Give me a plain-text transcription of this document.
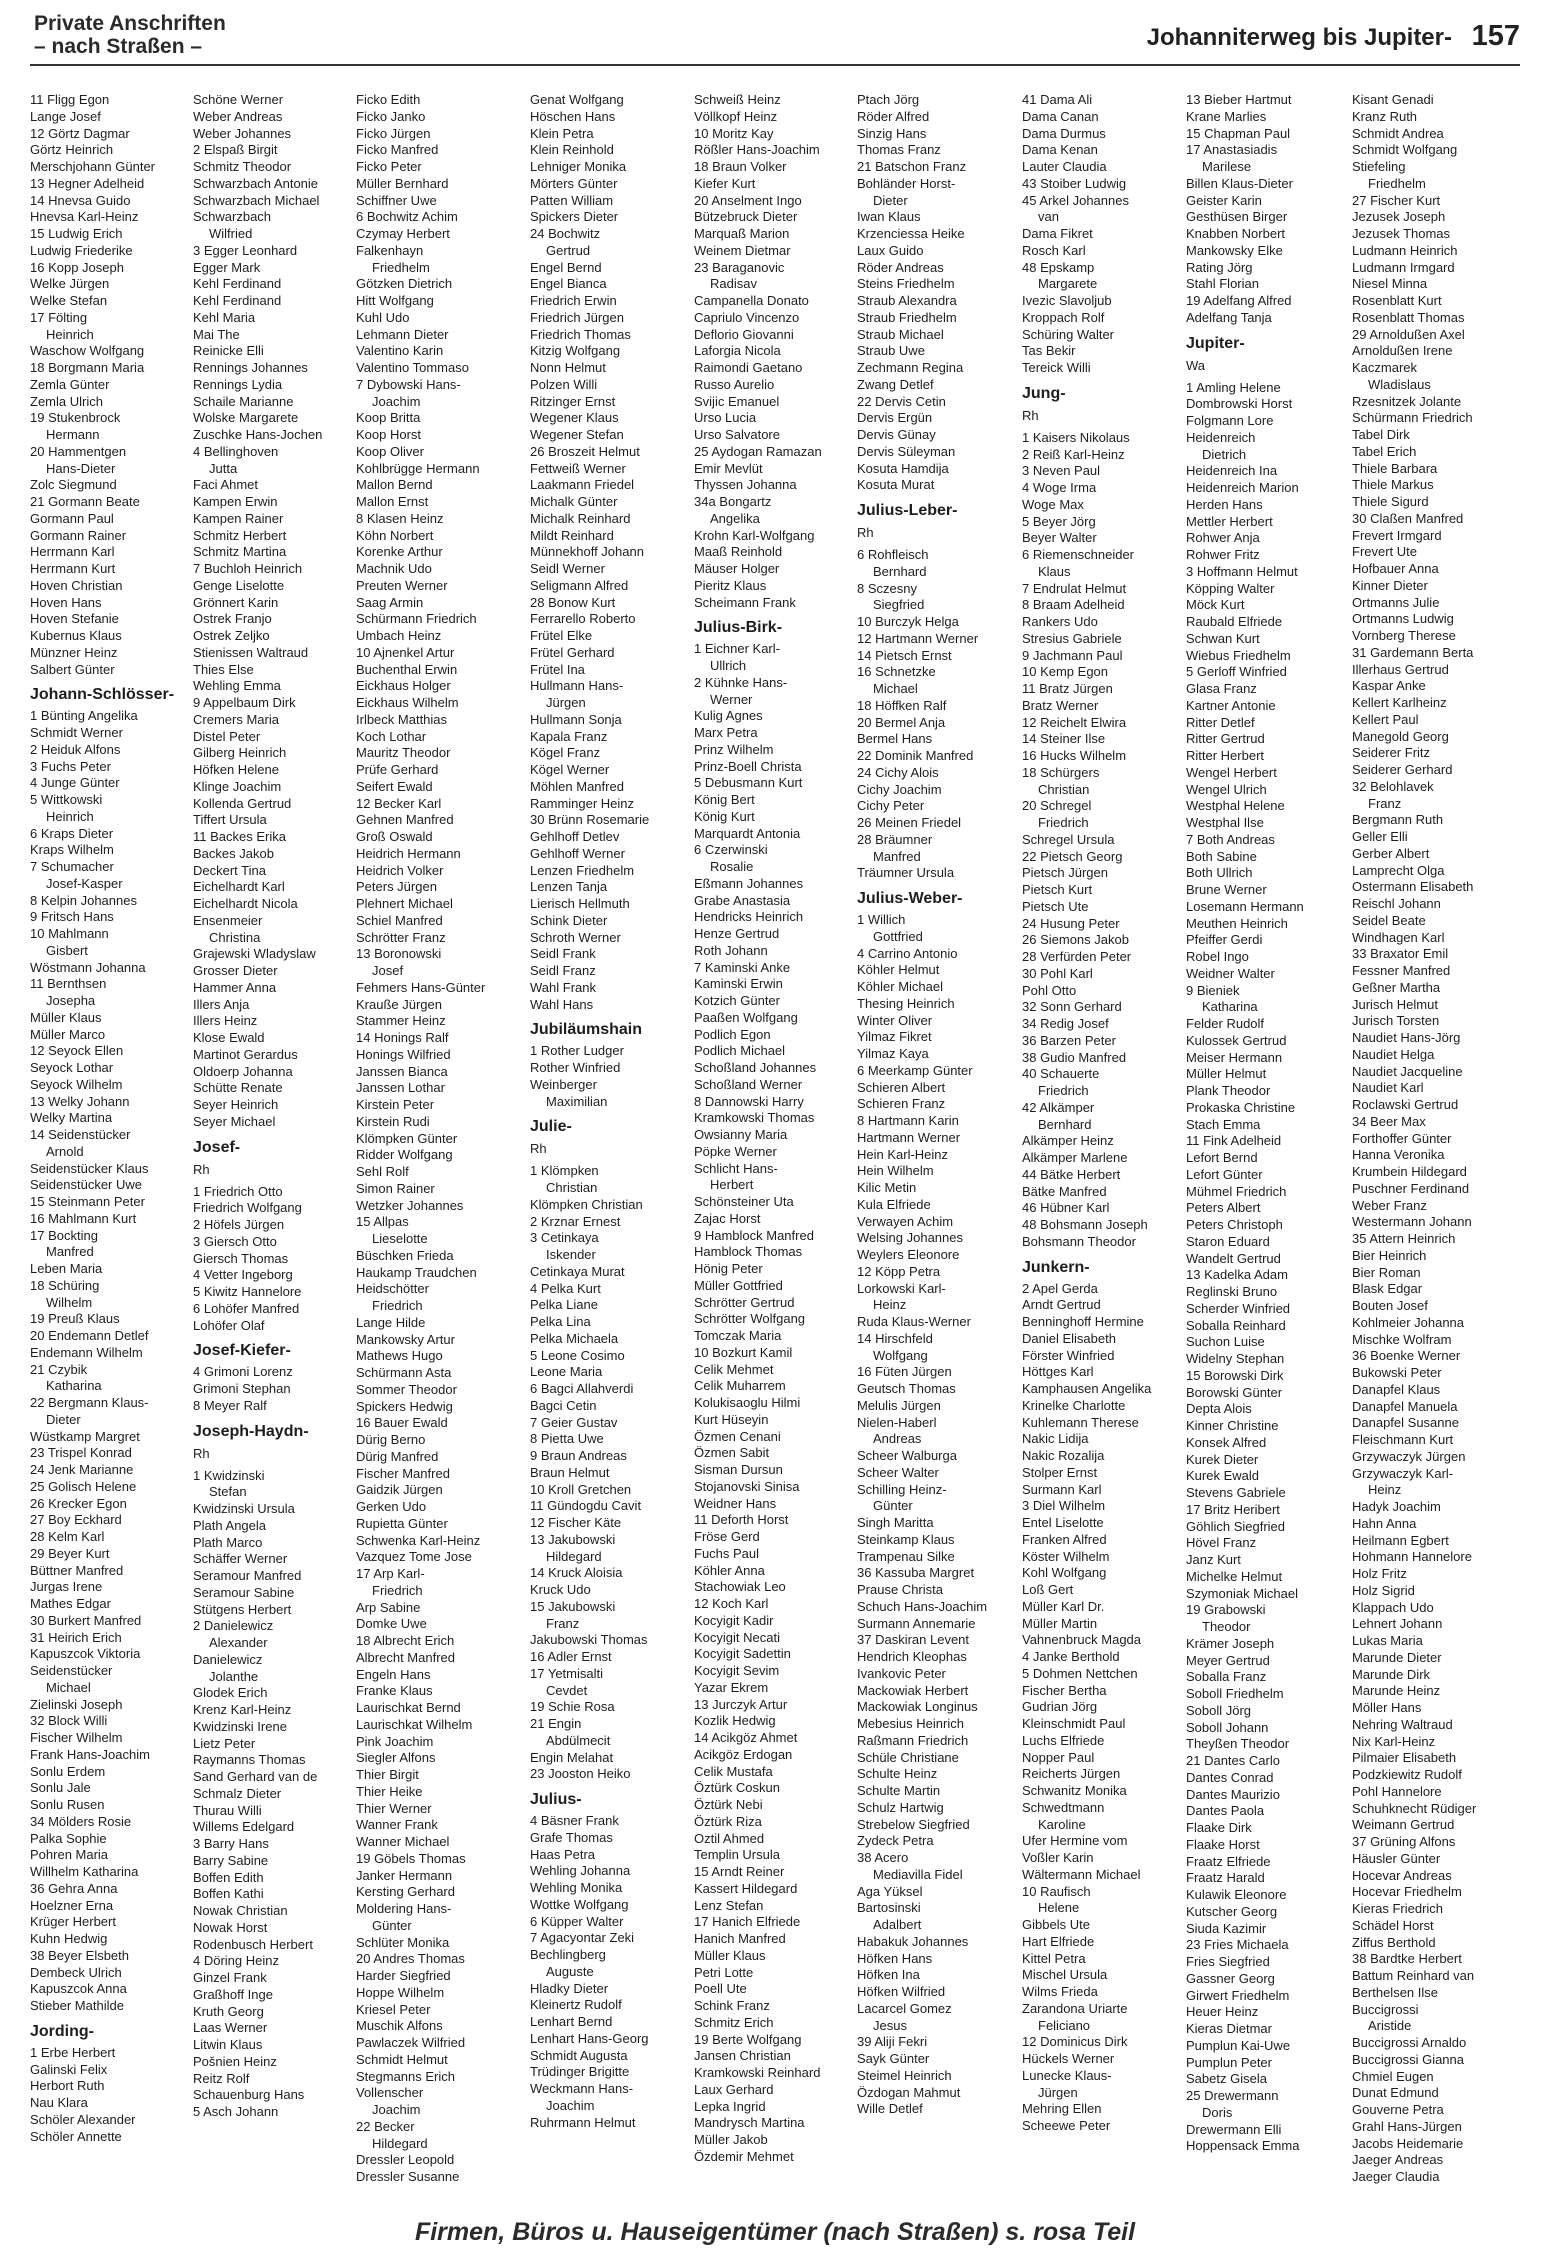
Private Anschriften
– nach Straßen –	Johanniterweg bis Jupiter- 157
11 Fligg Egon
Lange Josef
12 Görtz Dagmar
Görtz Heinrich
Merschjohann Günter
13 Hegner Adelheid
14 Hnevsa Guido
Hnevsa Karl-Heinz
15 Ludwig Erich
Ludwig Friederike
16 Kopp Joseph
Welke Jürgen
Welke Stefan
17 Fölting
Heinrich
Waschow Wolfgang
18 Borgmann Maria
Zemla Günter
Zemla Ulrich
19 Stukenbrock
Hermann
20 Hammentgen
Hans-Dieter
Zolc Siegmund
21 Gormann Beate
Gormann Paul
Gormann Rainer
Herrmann Karl
Herrmann Kurt
Hoven Christian
Hoven Hans
Hoven Stefanie
Kubernus Klaus
Münzner Heinz
Salbert Günter
Johann-Schlösser-
1 Bünting Angelika
Schmidt Werner
2 Heiduk Alfons
3 Fuchs Peter
4 Junge Günter
5 Wittkowski
Heinrich
6 Kraps Dieter
Kraps Wilhelm
7 Schumacher
Josef-Kasper
8 Kelpin Johannes
9 Fritsch Hans
10 Mahlmann
Gisbert
Wöstmann Johanna
11 Bernthsen
Josepha
Müller Klaus
Müller Marco
12 Seyock Ellen
Seyock Lothar
Seyock Wilhelm
13 Welky Johann
Welky Martina
14 Seidenstücker
Arnold
Seidenstücker Klaus
Seidenstücker Uwe
15 Steinmann Peter
16 Mahlmann Kurt
17 Bockting
Manfred
Leben Maria
18 Schüring
Wilhelm
19 Preuß Klaus
20 Endemann Detlef
Endemann Wilhelm
21 Czybik
Katharina
22 Bergmann Klaus-
Dieter
Wüstkamp Margret
23 Trispel Konrad
24 Jenk Marianne
25 Golisch Helene
26 Krecker Egon
27 Boy Eckhard
28 Kelm Karl
29 Beyer Kurt
Büttner Manfred
Jurgas Irene
Mathes Edgar
30 Burkert Manfred
31 Heirich Erich
Kapuszcok Viktoria
Seidenstücker
Michael
Zielinski Joseph
32 Block Willi
Fischer Wilhelm
Frank Hans-Joachim
Sonlu Erdem
Sonlu Jale
Sonlu Rusen
34 Mölders Rosie
Palka Sophie
Pohren Maria
Willhelm Katharina
36 Gehra Anna
Hoelzner Erna
Krüger Herbert
Kuhn Hedwig
38 Beyer Elsbeth
Dembeck Ulrich
Kapuszcok Anna
Stieber Mathilde
Jording-
1 Erbe Herbert
Galinski Felix
Herbort Ruth
Nau Klara
Schöler Alexander
Schöler Annette
Schöne Werner
Weber Andreas
Weber Johannes
2 Elspaß Birgit
Schmitz Theodor
Schwarzbach Antonie
Schwarzbach Michael
Schwarzbach
Wilfried
3 Egger Leonhard
Egger Mark
Kehl Ferdinand
Kehl Ferdinand
Kehl Maria
Mai The
Reinicke Elli
Rennings Johannes
Rennings Lydia
Schaile Marianne
Wolske Margarete
Zuschke Hans-Jochen
4 Bellinghoven
Jutta
Faci Ahmet
Kampen Erwin
Kampen Rainer
Schmitz Herbert
Schmitz Martina
7 Buchloh Heinrich
Genge Liselotte
Grönnert Karin
Ostrek Franjo
Ostrek Zeljko
Stienissen Waltraud
Thies Else
Wehling Emma
9 Appelbaum Dirk
Cremers Maria
Distel Peter
Gilberg Heinrich
Höfken Helene
Klinge Joachim
Kollenda Gertrud
Tiffert Ursula
11 Backes Erika
Backes Jakob
Deckert Tina
Eichelhardt Karl
Eichelhardt Nicola
Ensenmeier
Christina
Grajewski Wladyslaw
Grosser Dieter
Hammer Anna
Illers Anja
Illers Heinz
Klose Ewald
Martinot Gerardus
Oldoerp Johanna
Schütte Renate
Seyer Heinrich
Seyer Michael
Josef-
Rh
1 Friedrich Otto
Friedrich Wolfgang
2 Höfels Jürgen
3 Giersch Otto
Giersch Thomas
4 Vetter Ingeborg
5 Kiwitz Hannelore
6 Lohöfer Manfred
Lohöfer Olaf
Josef-Kiefer-
4 Grimoni Lorenz
Grimoni Stephan
8 Meyer Ralf
Joseph-Haydn-
Rh
1 Kwidzinski
Stefan
Kwidzinski Ursula
Plath Angela
Plath Marco
Schäffer Werner
Seramour Manfred
Seramour Sabine
Stütgens Herbert
2 Danielewicz
Alexander
Danielewicz
Jolanthe
Glodek Erich
Krenz Karl-Heinz
Kwidzinski Irene
Lietz Peter
Raymanns Thomas
Sand Gerhard van de
Schmalz Dieter
Thurau Willi
Willems Edelgard
3 Barry Hans
Barry Sabine
Boffen Edith
Boffen Kathi
Nowak Christian
Nowak Horst
Rodenbusch Herbert
4 Döring Heinz
Ginzel Frank
Graßhoff Inge
Kruth Georg
Laas Werner
Litwin Klaus
Pošnien Heinz
Reitz Rolf
Schauenburg Hans
5 Asch Johann
Ficko Edith
Ficko Janko
Ficko Jürgen
Ficko Manfred
Ficko Peter
Müller Bernhard
Schiffner Uwe
6 Bochwitz Achim
Czymay Herbert
Falkenhayn
Friedhelm
Götzken Dietrich
Hitt Wolfgang
Kuhl Udo
Lehmann Dieter
Valentino Karin
Valentino Tommaso
7 Dybowski Hans-
Joachim
Koop Britta
Koop Horst
Koop Oliver
Kohlbrügge Hermann
Mallon Bernd
Mallon Ernst
8 Klasen Heinz
Köhn Norbert
Korenke Arthur
Machnik Udo
Preuten Werner
Saag Armin
Schürmann Friedrich
Umbach Heinz
10 Ajnenkel Artur
Buchenthal Erwin
Eickhaus Holger
Eickhaus Wilhelm
Irlbeck Matthias
Koch Lothar
Mauritz Theodor
Prüfe Gerhard
Seifert Ewald
12 Becker Karl
Gehnen Manfred
Groß Oswald
Heidrich Hermann
Heidrich Volker
Peters Jürgen
Plehnert Michael
Schiel Manfred
Schrötter Franz
13 Boronowski
Josef
Fehmers Hans-Günter
Krauße Jürgen
Stammer Heinz
14 Honings Ralf
Honings Wilfried
Janssen Bianca
Janssen Lothar
Kirstein Peter
Kirstein Rudi
Klömpken Günter
Ridder Wolfgang
Sehl Rolf
Simon Rainer
Wetzker Johannes
15 Allpas
Lieselotte
Büschken Frieda
Haukamp Traudchen
Heidschötter
Friedrich
Lange Hilde
Mankowsky Artur
Mathews Hugo
Schürmann Asta
Sommer Theodor
Spickers Hedwig
16 Bauer Ewald
Dürig Berno
Dürig Manfred
Fischer Manfred
Gaidzik Jürgen
Gerken Udo
Rupietta Günter
Schwenka Karl-Heinz
Vazquez Tome Jose
17 Arp Karl-
Friedrich
Arp Sabine
Domke Uwe
18 Albrecht Erich
Albrecht Manfred
Engeln Hans
Franke Klaus
Laurischkat Bernd
Laurischkat Wilhelm
Pink Joachim
Siegler Alfons
Thier Birgit
Thier Heike
Thier Werner
Wanner Frank
Wanner Michael
19 Göbels Thomas
Janker Hermann
Kersting Gerhard
Moldering Hans-
Günter
Schlüter Monika
20 Andres Thomas
Harder Siegfried
Hoppe Wilhelm
Kriesel Peter
Muschik Alfons
Pawlaczek Wilfried
Schmidt Helmut
Stegmanns Erich
Vollenscher
Joachim
22 Becker
Hildegard
Dressler Leopold
Dressler Susanne
Genat Wolfgang
Höschen Hans
Klein Petra
Klein Reinhold
Lehniger Monika
Mörters Günter
Patten William
Spickers Dieter
24 Bochwitz
Gertrud
Engel Bernd
Engel Bianca
Friedrich Erwin
Friedrich Jürgen
Friedrich Thomas
Kitzig Wolfgang
Nonn Helmut
Polzen Willi
Ritzinger Ernst
Wegener Klaus
Wegener Stefan
26 Broszeit Helmut
Fettweiß Werner
Laakmann Friedel
Michalk Günter
Michalk Reinhard
Mildt Reinhard
Münnekhoff Johann
Seidl Werner
Seligmann Alfred
28 Bonow Kurt
Ferrarello Roberto
Frütel Elke
Frütel Gerhard
Frütel Ina
Hullmann Hans-
Jürgen
Hullmann Sonja
Kapala Franz
Kögel Franz
Kögel Werner
Möhlen Manfred
Ramminger Heinz
30 Brünn Rosemarie
Gehlhoff Detlev
Gehlhoff Werner
Lenzen Friedhelm
Lenzen Tanja
Lierisch Hellmuth
Schink Dieter
Schroth Werner
Seidl Frank
Seidl Franz
Wahl Frank
Wahl Hans
Jubiläumshain
1 Rother Ludger
Rother Winfried
Weinberger
Maximilian
Julie-
Rh
1 Klömpken
Christian
Klömpken Christian
2 Krznar Ernest
3 Cetinkaya
Iskender
Cetinkaya Murat
4 Pelka Kurt
Pelka Liane
Pelka Lina
Pelka Michaela
5 Leone Cosimo
Leone Maria
6 Bagci Allahverdi
Bagci Cetin
7 Geier Gustav
8 Pietta Uwe
9 Braun Andreas
Braun Helmut
10 Kroll Gretchen
11 Gündogdu Cavit
12 Fischer Käte
13 Jakubowski
Hildegard
14 Kruck Aloisia
Kruck Udo
15 Jakubowski
Franz
Jakubowski Thomas
16 Adler Ernst
17 Yetmisalti
Cevdet
19 Schie Rosa
21 Engin
Abdülmecit
Engin Melahat
23 Jooston Heiko
Julius-
4 Bäsner Frank
Grafe Thomas
Haas Petra
Wehling Johanna
Wehling Monika
Wottke Wolfgang
6 Küpper Walter
7 Agacyontar Zeki
Bechlingberg
Auguste
Hladky Dieter
Kleinertz Rudolf
Lenhart Bernd
Lenhart Hans-Georg
Schmidt Augusta
Trüdinger Brigitte
Weckmann Hans-
Joachim
Ruhrmann Helmut
Schweiß Heinz
Völlkopf Heinz
10 Moritz Kay
Rößler Hans-Joachim
18 Braun Volker
Kiefer Kurt
20 Anselment Ingo
Bützebruck Dieter
Marquaß Marion
Weinem Dietmar
23 Baraganovic
Radisav
Campanella Donato
Capriulo Vincenzo
Deflorio Giovanni
Laforgia Nicola
Raimondi Gaetano
Russo Aurelio
Svijic Emanuel
Urso Lucia
Urso Salvatore
25 Aydogan Ramazan
Emir Mevlüt
Thyssen Johanna
34a Bongartz
Angelika
Krohn Karl-Wolfgang
Maaß Reinhold
Mäuser Holger
Pieritz Klaus
Scheimann Frank
Julius-Birk-
1 Eichner Karl-
Ullrich
2 Kühnke Hans-
Werner
Kulig Agnes
Marx Petra
Prinz Wilhelm
Prinz-Boell Christa
5 Debusmann Kurt
König Bert
König Kurt
Marquardt Antonia
6 Czerwinski
Rosalie
Eßmann Johannes
Grabe Anastasia
Hendricks Heinrich
Henze Gertrud
Roth Johann
7 Kaminski Anke
Kaminski Erwin
Kotzich Günter
Paaßen Wolfgang
Podlich Egon
Podlich Michael
Schoßland Johannes
Schoßland Werner
8 Dannowski Harry
Kramkowski Thomas
Owsianny Maria
Pöpke Werner
Schlicht Hans-
Herbert
Schönsteiner Uta
Zajac Horst
9 Hamblock Manfred
Hamblock Thomas
Hönig Peter
Müller Gottfried
Schrötter Gertrud
Schrötter Wolfgang
Tomczak Maria
10 Bozkurt Kamil
Celik Mehmet
Celik Muharrem
Kolukisaoglu Hilmi
Kurt Hüseyin
Özmen Cenani
Özmen Sabit
Sisman Dursun
Stojanovski Sinisa
Weidner Hans
11 Deforth Horst
Fröse Gerd
Fuchs Paul
Köhler Anna
Stachowiak Leo
12 Koch Karl
Kocyigit Kadir
Kocyigit Necati
Kocyigit Sadettin
Kocyigit Sevim
Yazar Ekrem
13 Jurczyk Artur
Kozlik Hedwig
14 Acikgöz Ahmet
Acikgöz Erdogan
Celik Mustafa
Öztürk Coskun
Öztürk Nebi
Öztürk Riza
Oztil Ahmed
Templin Ursula
15 Arndt Reiner
Kassert Hildegard
Lenz Stefan
17 Hanich Elfriede
Hanich Manfred
Müller Klaus
Petri Lotte
Poell Ute
Schink Franz
Schmitz Erich
19 Berte Wolfgang
Jansen Christian
Kramkowski Reinhard
Laux Gerhard
Lepka Ingrid
Mandrysch Martina
Müller Jakob
Özdemir Mehmet
Ptach Jörg
Röder Alfred
Sinzig Hans
Thomas Franz
21 Batschon Franz
Bohländer Horst-
Dieter
Iwan Klaus
Krzenciessa Heike
Laux Guido
Röder Andreas
Steins Friedhelm
Straub Alexandra
Straub Friedhelm
Straub Michael
Straub Uwe
Zechmann Regina
Zwang Detlef
22 Dervis Cetin
Dervis Ergün
Dervis Günay
Dervis Süleyman
Kosuta Hamdija
Kosuta Murat
Julius-Leber-
Rh
6 Rohfleisch
Bernhard
8 Sczesny
Siegfried
10 Burczyk Helga
12 Hartmann Werner
14 Pietsch Ernst
16 Schnetzke
Michael
18 Höffken Ralf
20 Bermel Anja
Bermel Hans
22 Dominik Manfred
24 Cichy Alois
Cichy Joachim
Cichy Peter
26 Meinen Friedel
28 Bräumner
Manfred
Träumner Ursula
Julius-Weber-
1 Willich
Gottfried
4 Carrino Antonio
Köhler Helmut
Köhler Michael
Thesing Heinrich
Winter Oliver
Yilmaz Fikret
Yilmaz Kaya
6 Meerkamp Günter
Schieren Albert
Schieren Franz
8 Hartmann Karin
Hartmann Werner
Hein Karl-Heinz
Hein Wilhelm
Kilic Metin
Kula Elfriede
Verwayen Achim
Welsing Johannes
Weylers Eleonore
12 Köpp Petra
Lorkowski Karl-
Heinz
Ruda Klaus-Werner
14 Hirschfeld
Wolfgang
16 Füten Jürgen
Geutsch Thomas
Melulis Jürgen
Nielen-Haberl
Andreas
Scheer Walburga
Scheer Walter
Schilling Heinz-
Günter
Singh Maritta
Steinkamp Klaus
Trampenau Silke
36 Kassuba Margret
Prause Christa
Schuch Hans-Joachim
Surmann Annemarie
37 Daskiran Levent
Hendrich Kleophas
Ivankovic Peter
Mackowiak Herbert
Mackowiak Longinus
Mebesius Heinrich
Raßmann Friedrich
Schüle Christiane
Schulte Heinz
Schulte Martin
Schulz Hartwig
Strebelow Siegfried
Zydeck Petra
38 Acero
Mediavilla Fidel
Aga Yüksel
Bartosinski
Adalbert
Habakuk Johannes
Höfken Hans
Höfken Ina
Höfken Wilfried
Lacarcel Gomez
Jesus
39 Aliji Fekri
Sayk Günter
Steimel Heinrich
Özdogan Mahmut
Wille Detlef
41 Dama Ali
Dama Canan
Dama Durmus
Dama Kenan
Lauter Claudia
43 Stoiber Ludwig
45 Arkel Johannes
van
Dama Fikret
Rosch Karl
48 Epskamp
Margarete
Ivezic Slavoljub
Kroppach Rolf
Schüring Walter
Tas Bekir
Tereick Willi
Jung-
Rh
1 Kaisers Nikolaus
2 Reiß Karl-Heinz
3 Neven Paul
4 Woge Irma
Woge Max
5 Beyer Jörg
Beyer Walter
6 Riemenschneider
Klaus
7 Endrulat Helmut
8 Braam Adelheid
Rankers Udo
Stresius Gabriele
9 Jachmann Paul
10 Kemp Egon
11 Bratz Jürgen
Bratz Werner
12 Reichelt Elwira
14 Steiner Ilse
16 Hucks Wilhelm
18 Schürgers
Christian
20 Schregel
Friedrich
Schregel Ursula
22 Pietsch Georg
Pietsch Jürgen
Pietsch Kurt
Pietsch Ute
24 Husung Peter
26 Siemons Jakob
28 Verfürden Peter
30 Pohl Karl
Pohl Otto
32 Sonn Gerhard
34 Redig Josef
36 Barzen Peter
38 Gudio Manfred
40 Schauerte
Friedrich
42 Alkämper
Bernhard
Alkämper Heinz
Alkämper Marlene
44 Bätke Herbert
Bätke Manfred
46 Hübner Karl
48 Bohsmann Joseph
Bohsmann Theodor
Junkern-
2 Apel Gerda
Arndt Gertrud
Benninghoff Hermine
Daniel Elisabeth
Förster Winfried
Höttges Karl
Kamphausen Angelika
Krinelke Charlotte
Kuhlemann Therese
Nakic Lidija
Nakic Rozalija
Stolper Ernst
Surmann Karl
3 Diel Wilhelm
Entel Liselotte
Franken Alfred
Köster Wilhelm
Kohl Wolfgang
Loß Gert
Müller Karl Dr.
Müller Martin
Vahnenbruck Magda
4 Janke Berthold
5 Dohmen Nettchen
Fischer Bertha
Gudrian Jörg
Kleinschmidt Paul
Luchs Elfriede
Nopper Paul
Reicherts Jürgen
Schwanitz Monika
Schwedtmann
Karoline
Ufer Hermine vom
Voßler Karin
Wältermann Michael
10 Raufisch
Helene
Gibbels Ute
Hart Elfriede
Kittel Petra
Mischel Ursula
Wilms Frieda
Zarandona Uriarte
Feliciano
12 Dominicus Dirk
Hückels Werner
Lunecke Klaus-
Jürgen
Mehring Ellen
Scheewe Peter
13 Bieber Hartmut
Krane Marlies
15 Chapman Paul
17 Anastasiadis
Marilese
Billen Klaus-Dieter
Geister Karin
Gesthüsen Birger
Knabben Norbert
Mankowsky Elke
Rating Jörg
Stahl Florian
19 Adelfang Alfred
Adelfang Tanja
Jupiter-
Wa
1 Amling Helene
Dombrowski Horst
Folgmann Lore
Heidenreich
Dietrich
Heidenreich Ina
Heidenreich Marion
Herden Hans
Mettler Herbert
Rohwer Anja
Rohwer Fritz
3 Hoffmann Helmut
Köpping Walter
Möck Kurt
Raubald Elfriede
Schwan Kurt
Wiebus Friedhelm
5 Gerloff Winfried
Glasa Franz
Kartner Antonie
Ritter Detlef
Ritter Gertrud
Ritter Herbert
Wengel Herbert
Wengel Ulrich
Westphal Helene
Westphal Ilse
7 Both Andreas
Both Sabine
Both Ullrich
Brune Werner
Losemann Hermann
Meuthen Heinrich
Pfeiffer Gerdi
Robel Ingo
Weidner Walter
9 Bieniek
Katharina
Felder Rudolf
Kulossek Gertrud
Meiser Hermann
Müller Helmut
Plank Theodor
Prokaska Christine
Stach Emma
11 Fink Adelheid
Lefort Bernd
Lefort Günter
Mühmel Friedrich
Peters Albert
Peters Christoph
Staron Eduard
Wandelt Gertrud
13 Kadelka Adam
Reglinski Bruno
Scherder Winfried
Soballa Reinhard
Suchon Luise
Widelny Stephan
15 Borowski Dirk
Borowski Günter
Depta Alois
Kinner Christine
Konsek Alfred
Kurek Dieter
Kurek Ewald
Stevens Gabriele
17 Britz Heribert
Göhlich Siegfried
Hövel Franz
Janz Kurt
Michelke Helmut
Szymoniak Michael
19 Grabowski
Theodor
Krämer Joseph
Meyer Gertrud
Soballa Franz
Soboll Friedhelm
Soboll Jörg
Soboll Johann
Theyßen Theodor
21 Dantes Carlo
Dantes Conrad
Dantes Maurizio
Dantes Paola
Flaake Dirk
Flaake Horst
Fraatz Elfriede
Fraatz Harald
Kulawik Eleonore
Kutscher Georg
Siuda Kazimir
23 Fries Michaela
Fries Siegfried
Gassner Georg
Girwert Friedhelm
Heuer Heinz
Kieras Dietmar
Pumplun Kai-Uwe
Pumplun Peter
Sabetz Gisela
25 Drewermann
Doris
Drewermann Elli
Hoppensack Emma
Kisant Genadi
Kranz Ruth
Schmidt Andrea
Schmidt Wolfgang
Stiefeling
Friedhelm
27 Fischer Kurt
Jezusek Joseph
Jezusek Thomas
Ludmann Heinrich
Ludmann Irmgard
Niesel Minna
Rosenblatt Kurt
Rosenblatt Thomas
29 Arnoldußen Axel
Arnoldußen Irene
Kaczmarek
Wladislaus
Rzesnitzek Jolante
Schürmann Friedrich
Tabel Dirk
Tabel Erich
Thiele Barbara
Thiele Markus
Thiele Sigurd
30 Claßen Manfred
Frevert Irmgard
Frevert Ute
Hofbauer Anna
Kinner Dieter
Ortmanns Julie
Ortmanns Ludwig
Vornberg Therese
31 Gardemann Berta
Illerhaus Gertrud
Kaspar Anke
Kellert Karlheinz
Kellert Paul
Manegold Georg
Seiderer Fritz
Seiderer Gerhard
32 Belohlavek
Franz
Bergmann Ruth
Geller Elli
Gerber Albert
Lamprecht Olga
Ostermann Elisabeth
Reischl Johann
Seidel Beate
Windhagen Karl
33 Braxator Emil
Fessner Manfred
Geßner Martha
Jurisch Helmut
Jurisch Torsten
Naudiet Hans-Jörg
Naudiet Helga
Naudiet Jacqueline
Naudiet Karl
Roclawski Gertrud
34 Beer Max
Forthoffer Günter
Hanna Veronika
Krumbein Hildegard
Puschner Ferdinand
Weber Franz
Westermann Johann
35 Attern Heinrich
Bier Heinrich
Bier Roman
Blask Edgar
Bouten Josef
Kohlmeier Johanna
Mischke Wolfram
36 Boenke Werner
Bukowski Peter
Danapfel Klaus
Danapfel Manuela
Danapfel Susanne
Fleischmann Kurt
Grzywaczyk Jürgen
Grzywaczyk Karl-
Heinz
Hadyk Joachim
Hahn Anna
Heilmann Egbert
Hohmann Hannelore
Holz Fritz
Holz Sigrid
Klappach Udo
Lehnert Johann
Lukas Maria
Marunde Dieter
Marunde Dirk
Marunde Heinz
Möller Hans
Nehring Waltraud
Nix Karl-Heinz
Pilmaier Elisabeth
Podzkiewitz Rudolf
Pohl Hannelore
Schuhknecht Rüdiger
Weimann Gertrud
37 Grüning Alfons
Häusler Günter
Hocevar Andreas
Hocevar Friedhelm
Kieras Friedrich
Schädel Horst
Ziffus Berthold
38 Bardtke Herbert
Battum Reinhard van
Berthelsen Ilse
Buccigrossi
Aristide
Buccigrossi Arnaldo
Buccigrossi Gianna
Chmiel Eugen
Dunat Edmund
Gouverne Petra
Grahl Hans-Jürgen
Jacobs Heidemarie
Jaeger Andreas
Jaeger Claudia
Firmen, Büros u. Hauseigentümer (nach Straßen) s. rosa Teil
